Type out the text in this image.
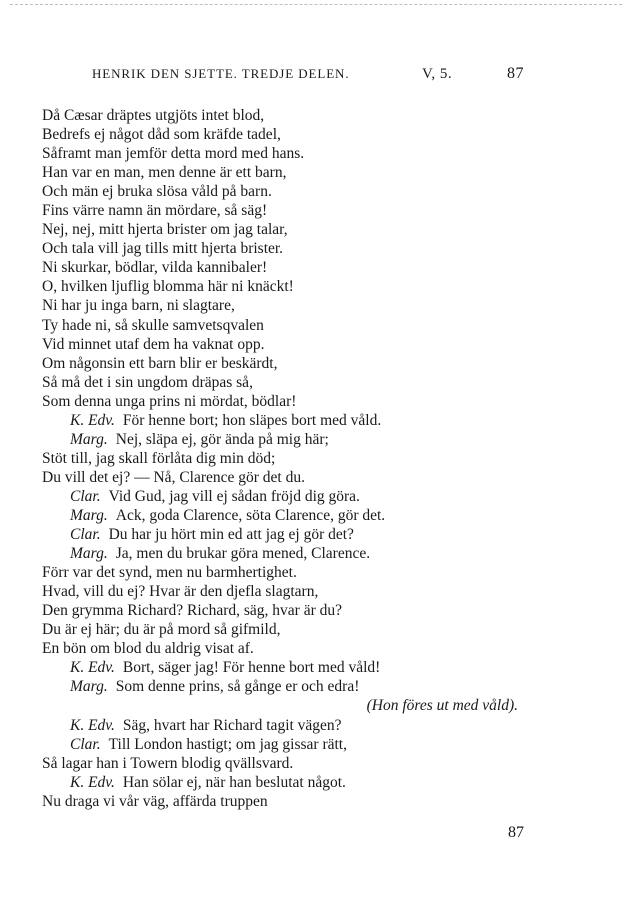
HENRIK DEN SJETTE. TREDJE DELEN.	V, 5.	87
Då Cæsar dräptes utgjöts intet blod,
Bedrefs ej något dåd som kräfde tadel,
Såframt man jemför detta mord med hans.
Han var en man, men denne är ett barn,
Och män ej bruka slösa våld på barn.
Fins värre namn än mördare, så säg!
Nej, nej, mitt hjerta brister om jag talar,
Och tala vill jag tills mitt hjerta brister.
Ni skurkar, bödlar, vilda kannibaler!
O, hvilken ljuflig blomma här ni knäckt!
Ni har ju inga barn, ni slagtare,
Ty hade ni, så skulle samvetsqvalen
Vid minnet utaf dem ha vaknat opp.
Om någonsin ett barn blir er beskärdt,
Så må det i sin ungdom dräpas så,
Som denna unga prins ni mördat, bödlar!
K. Edv. För henne bort; hon släpes bort med våld.
Marg. Nej, släpa ej, gör ända på mig här;
Stöt till, jag skall förlåta dig min död;
Du vill det ej? — Nå, Clarence gör det du.
Clar. Vid Gud, jag vill ej sådan fröjd dig göra.
Marg. Ack, goda Clarence, söta Clarence, gör det.
Clar. Du har ju hört min ed att jag ej gör det?
Marg. Ja, men du brukar göra mened, Clarence.
Förr var det synd, men nu barmhertighet.
Hvad, vill du ej? Hvar är den djefla slagtarn,
Den grymma Richard? Richard, säg, hvar är du?
Du är ej här; du är på mord så gifmild,
En bön om blod du aldrig visat af.
K. Edv. Bort, säger jag! För henne bort med våld!
Marg. Som denne prins, så gånge er och edra!
(Hon föres ut med våld).
K. Edv. Säg, hvart har Richard tagit vägen?
Clar. Till London hastigt; om jag gissar rätt,
Så lagar han i Towern blodig qvällsvard.
K. Edv. Han sölar ej, när han beslutat något.
Nu draga vi vår väg, affärda truppen
87
